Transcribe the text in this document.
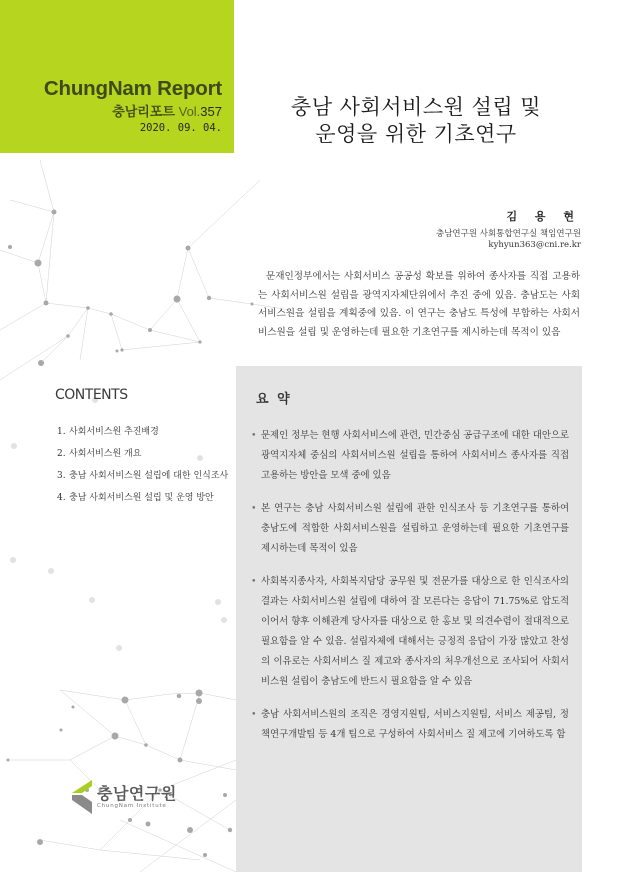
ChungNam Report
충남리포트 Vol.357
2020. 09. 04.
충남 사회서비스원 설립 및
운영을 위한 기초연구
김 용 현
충남연구원 사회통합연구실 책임연구원
kyhyun363@cni.re.kr
문재인정부에서는 사회서비스 공공성 확보를 위하여 종사자를 직접 고용하는 사회서비스원 설립을 광역지자체단위에서 추진 중에 있음. 충남도는 사회서비스원을 설립을 계획중에 있음. 이 연구는 충남도 특성에 부합하는 사회서비스원을 설립 및 운영하는데 필요한 기초연구를 제시하는데 목적이 있음
CONTENTS
1. 사회서비스원 추진배경
2. 사회서비스원 개요
3. 충남 사회서비스원 설립에 대한 인식조사
4. 충남 사회서비스원 설립 및 운영 방안
요 약
• 문제인 정부는 현행 사회서비스에 관련, 민간중심 공급구조에 대한 대안으로 광역지자체 중심의 사회서비스원 설립을 통하여 사회서비스 종사자를 직접 고용하는 방안을 모색 중에 있음
• 본 연구는 충남 사회서비스원 설립에 관한 인식조사 등 기초연구를 통하여 충남도에 적합한 사회서비스원을 설립하고 운영하는데 필요한 기초연구를 제시하는데 목적이 있음
• 사회복지종사자, 사회복지담당 공무원 및 전문가를 대상으로 한 인식조사의 결과는 사회서비스원 설립에 대하여 잘 모른다는 응답이 71.75%로 압도적이어서 향후 이해관계 당사자를 대상으로 한 홍보 및 의견수렴이 절대적으로 필요함을 알 수 있음. 설립자체에 대해서는 긍정적 응답이 가장 많았고 찬성의 이유로는 사회서비스 질 제고와 종사자의 처우개선으로 조사되어 사회서비스원 설립이 충남도에 반드시 필요함을 알 수 있음
• 충남 사회서비스원의 조직은 경영지원팀, 서비스지원팀, 서비스 제공팀, 정책연구개발팀 등 4개 팀으로 구성하여 사회서비스 질 제고에 기여하도록 함
충남연구원
ChungNam Institute
